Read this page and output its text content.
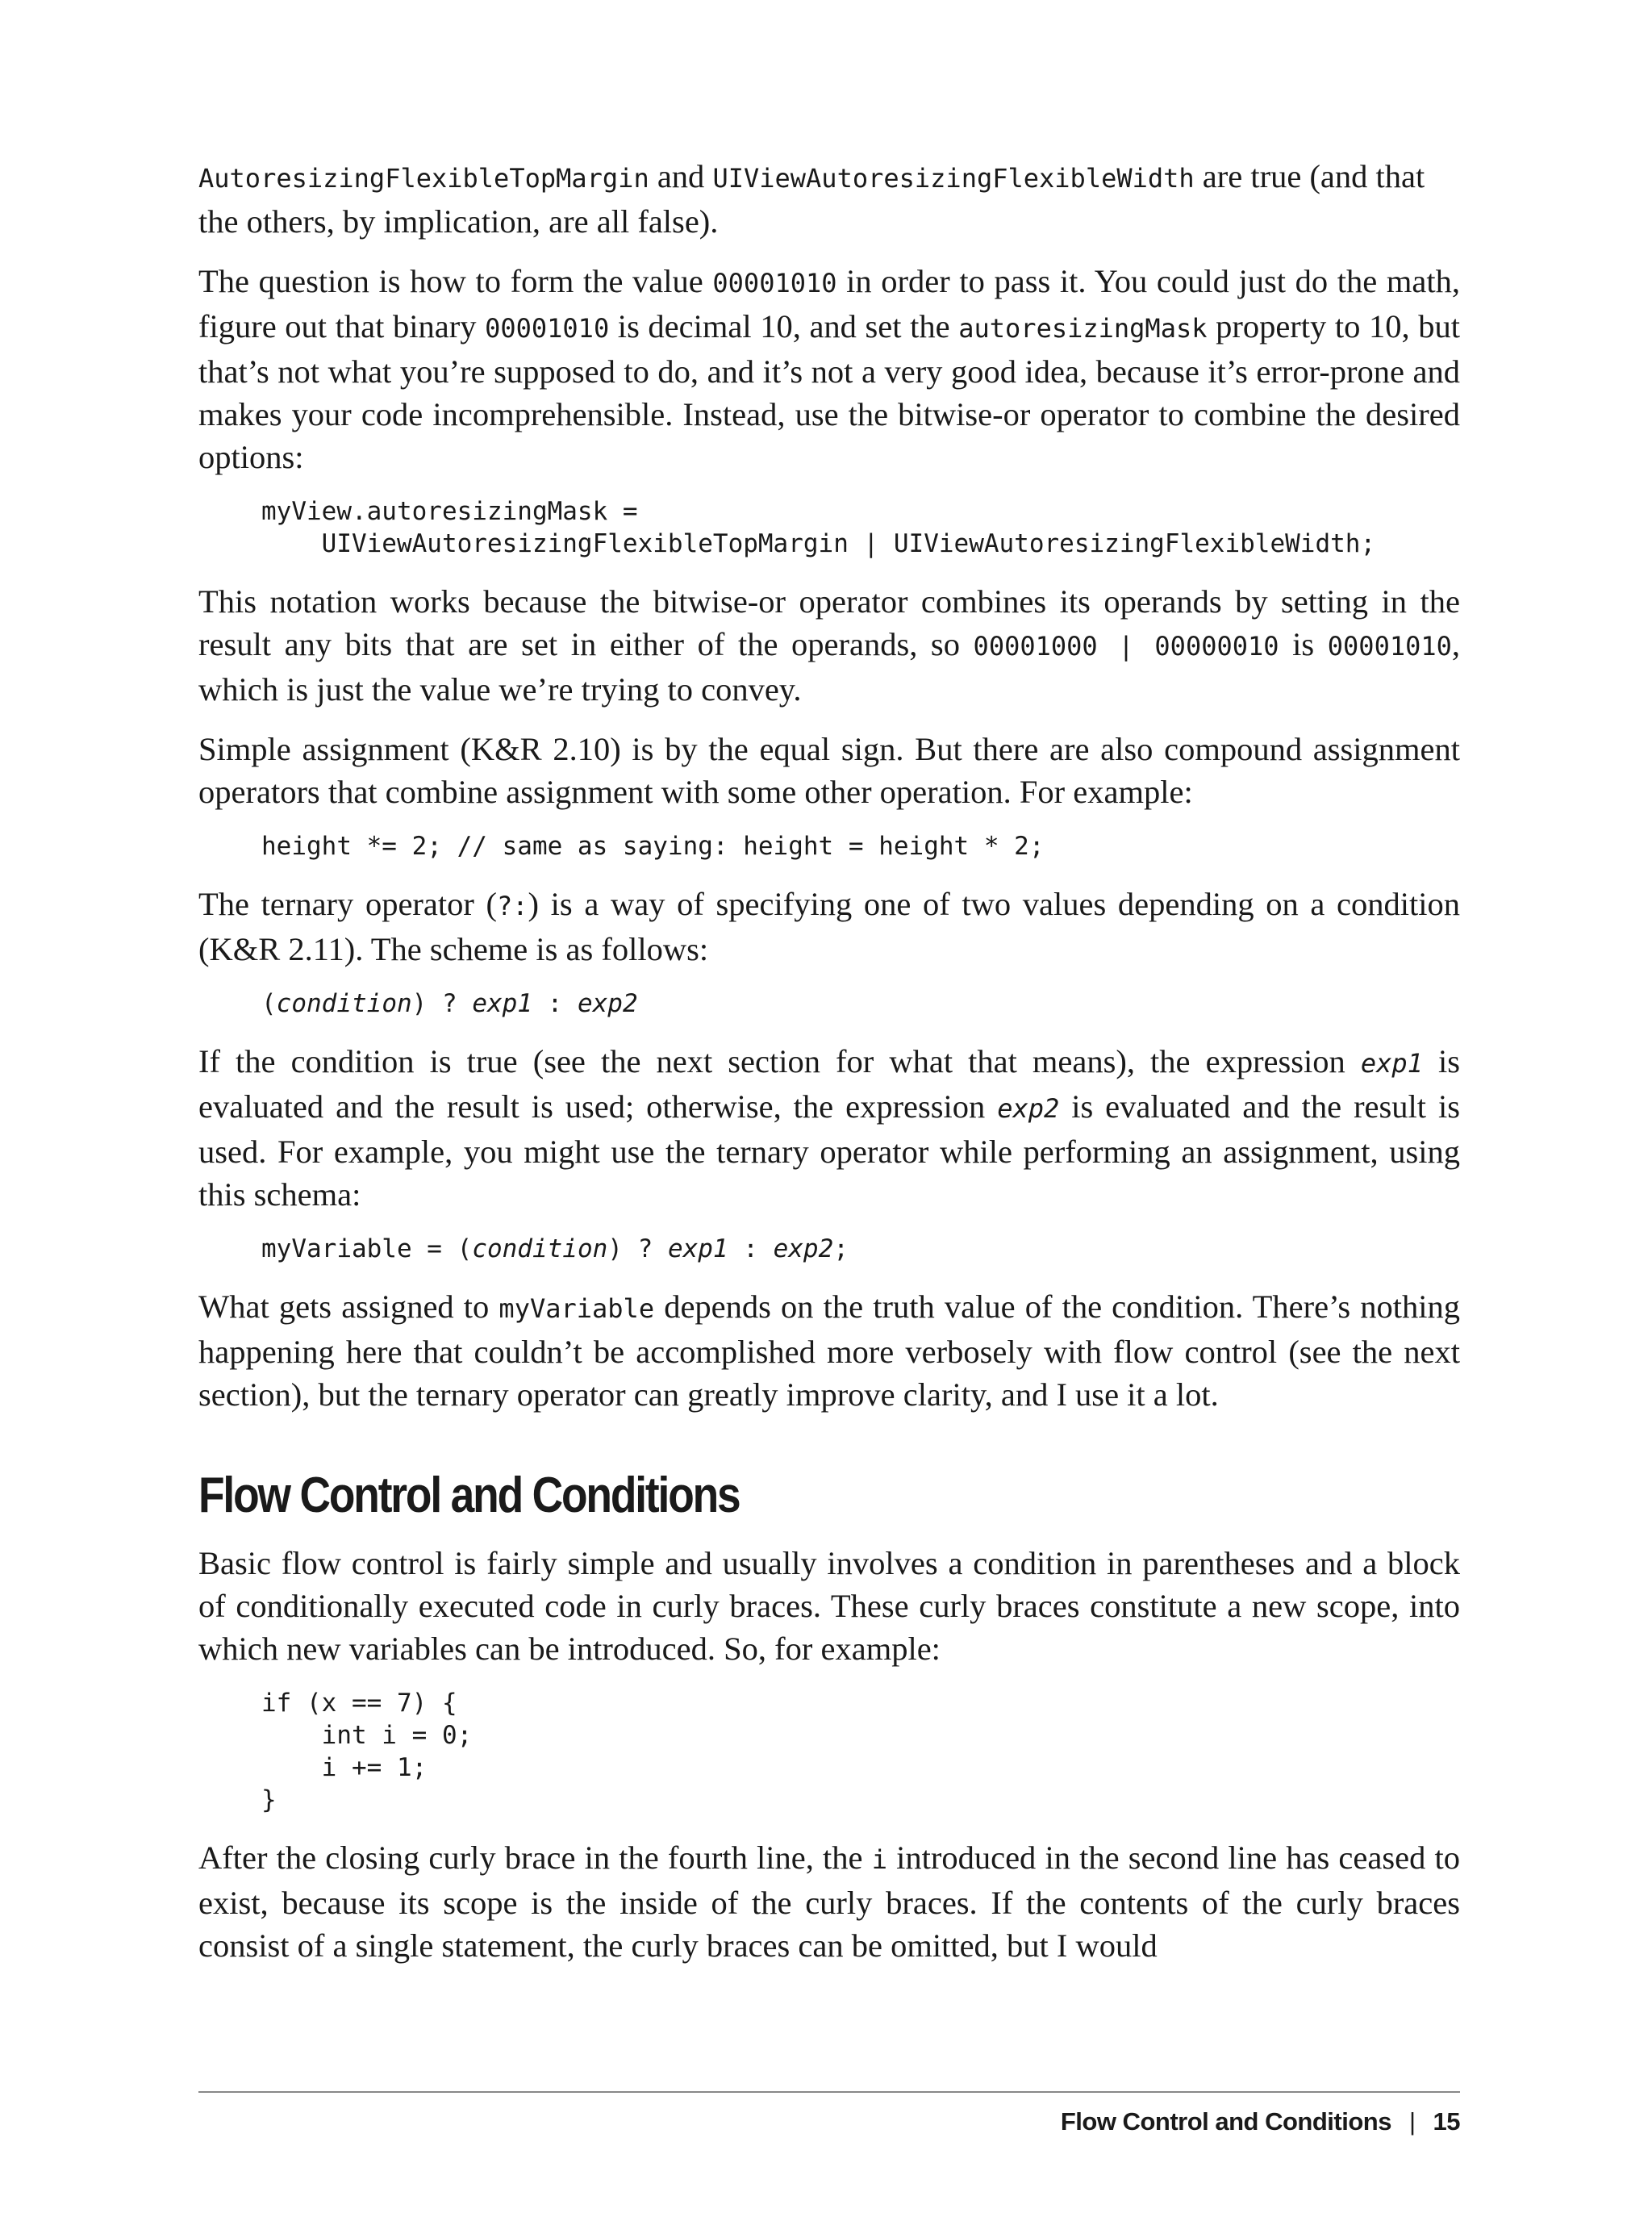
AutoresizingFlexibleTopMargin and UIViewAutoresizingFlexibleWidth are true (and that the others, by implication, are all false).

The question is how to form the value 00001010 in order to pass it. You could just do the math, figure out that binary 00001010 is decimal 10, and set the autoresizingMask property to 10, but that’s not what you’re supposed to do, and it’s not a very good idea, because it’s error-prone and makes your code incomprehensible. Instead, use the bitwise-or operator to combine the desired options:

myView.autoresizingMask =
UIViewAutoresizingFlexibleTopMargin | UIViewAutoresizingFlexibleWidth;

This notation works because the bitwise-or operator combines its operands by setting in the result any bits that are set in either of the operands, so 00001000 | 00000010 is 00001010, which is just the value we’re trying to convey.

Simple assignment (K&R 2.10) is by the equal sign. But there are also compound assignment operators that combine assignment with some other operation. For example:

height *= 2; // same as saying: height = height * 2;

The ternary operator (?:) is a way of specifying one of two values depending on a condition (K&R 2.11). The scheme is as follows:

(condition) ? exp1 : exp2

If the condition is true (see the next section for what that means), the expression exp1 is evaluated and the result is used; otherwise, the expression exp2 is evaluated and the result is used. For example, you might use the ternary operator while performing an assignment, using this schema:

myVariable = (condition) ? exp1 : exp2;

What gets assigned to myVariable depends on the truth value of the condition. There’s nothing happening here that couldn’t be accomplished more verbosely with flow control (see the next section), but the ternary operator can greatly improve clarity, and I use it a lot.

Flow Control and Conditions

Basic flow control is fairly simple and usually involves a condition in parentheses and a block of conditionally executed code in curly braces. These curly braces constitute a new scope, into which new variables can be introduced. So, for example:

if (x == 7) {
int i = 0;
i += 1;
}

After the closing curly brace in the fourth line, the i introduced in the second line has ceased to exist, because its scope is the inside of the curly braces. If the contents of the curly braces consist of a single statement, the curly braces can be omitted, but I would

Flow Control and Conditions | 15
